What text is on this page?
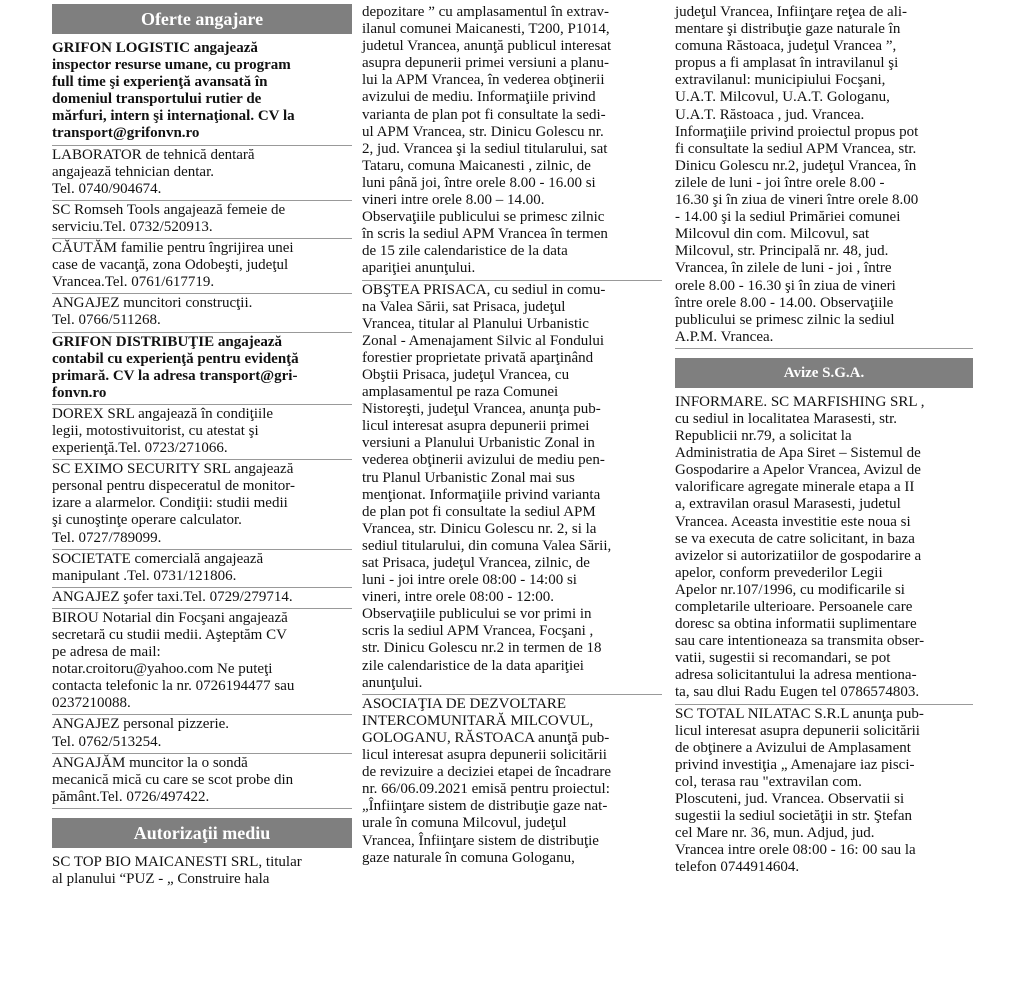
Oferte angajare
GRIFON LOGISTIC angajează
inspector resurse umane, cu program
full time şi experienţă avansată în
domeniul transportului rutier de
mărfuri, intern şi internaţional. CV la
transport@grifonvn.ro
LABORATOR de tehnică dentară
angajează tehnician dentar.
Tel. 0740/904674.
SC Romseh Tools angajează femeie de
serviciu.Tel. 0732/520913.
CĂUTĂM familie pentru îngrijirea unei
case de vacanţă, zona Odobeşti, judeţul
Vrancea.Tel. 0761/617719.
ANGAJEZ muncitori construcţii.
Tel. 0766/511268.
GRIFON DISTRIBUŢIE angajează
contabil cu experienţă pentru evidenţă
primară. CV la adresa transport@gri-
fonvn.ro
DOREX SRL angajează în condiţiile
legii, motostivuitorist, cu atestat şi
experienţă.Tel. 0723/271066.
SC EXIMO SECURITY SRL angajează
personal pentru dispeceratul de monitor-
izare a alarmelor. Condiţii: studii medii
şi cunoştinţe operare calculator.
Tel. 0727/789099.
SOCIETATE comercială angajează
manipulant .Tel. 0731/121806.
ANGAJEZ şofer taxi.Tel. 0729/279714.
BIROU Notarial din Focşani angajează
secretară cu studii medii. Aşteptăm CV
pe adresa de mail:
notar.croitoru@yahoo.com Ne puteţi
contacta telefonic la nr. 0726194477 sau
0237210088.
ANGAJEZ personal pizzerie.
Tel. 0762/513254.
ANGAJĂM muncitor la o sondă
mecanică mică cu care se scot probe din
pământ.Tel. 0726/497422.
Autorizaţii mediu
SC TOP BIO MAICANESTI SRL, titular
al planului “PUZ - „ Construire hala
depozitare ” cu amplasamentul în extrav-
ilanul comunei Maicanesti, T200, P1014,
judetul Vrancea, anunţă publicul interesat
asupra depunerii primei versiuni a planu-
lui la APM Vrancea, în vederea obţinerii
avizului de mediu. Informaţiile privind
varianta de plan pot fi consultate la sedi-
ul APM Vrancea, str. Dinicu Golescu nr.
2, jud. Vrancea şi la sediul titularului, sat
Tataru, comuna Maicanesti , zilnic, de
luni până joi, între orele 8.00 - 16.00 si
vineri intre orele 8.00 – 14.00.
Observaţiile publicului se primesc zilnic
în scris la sediul APM Vrancea în termen
de 15 zile calendaristice de la data
apariţiei anunţului.
OBŞTEA PRISACA, cu sediul in comu-
na Valea Sării, sat Prisaca, judeţul
Vrancea, titular al Planului Urbanistic
Zonal - Amenajament Silvic al Fondului
forestier proprietate privată aparţinând
Obştii Prisaca, judeţul Vrancea, cu
amplasamentul pe raza Comunei
Nistoreşti, judeţul Vrancea, anunţa pub-
licul interesat asupra depunerii primei
versiuni a Planului Urbanistic Zonal in
vederea obţinerii avizului de mediu pen-
tru Planul Urbanistic Zonal mai sus
menţionat. Informaţiile privind varianta
de plan pot fi consultate la sediul APM
Vrancea, str. Dinicu Golescu nr. 2, si la
sediul titularului, din comuna Valea Sării,
sat Prisaca, judeţul Vrancea, zilnic, de
luni - joi intre orele 08:00 - 14:00 si
vineri, intre orele 08:00 - 12:00.
Observaţiile publicului se vor primi in
scris la sediul APM Vrancea, Focşani ,
str. Dinicu Golescu nr.2 in termen de 18
zile calendaristice de la data apariţiei
anunţului.
ASOCIAŢIA DE DEZVOLTARE
INTERCOMUNITARĂ MILCOVUL,
GOLOGANU, RĂSTOACA anunţă pub-
licul interesat asupra depunerii solicitării
de revizuire a deciziei etapei de încadrare
nr. 66/06.09.2021 emisă pentru proiectul:
„Înfiinţare sistem de distribuţie gaze nat-
urale în comuna Milcovul, judeţul
Vrancea, Înfiinţare sistem de distribuţie
gaze naturale în comuna Gologanu,
judeţul Vrancea, Infiinţare reţea de ali-
mentare şi distribuţie gaze naturale în
comuna Răstoaca, judeţul Vrancea ”,
propus a fi amplasat în intravilanul şi
extravilanul: municipiului Focşani,
U.A.T. Milcovul, U.A.T. Gologanu,
U.A.T. Răstoaca , jud. Vrancea.
Informaţiile privind proiectul propus pot
fi consultate la sediul APM Vrancea, str.
Dinicu Golescu nr.2, judeţul Vrancea, în
zilele de luni - joi între orele 8.00 -
16.30 şi în ziua de vineri între orele 8.00
- 14.00 şi la sediul Primăriei comunei
Milcovul din com. Milcovul, sat
Milcovul, str. Principală nr. 48, jud.
Vrancea, în zilele de luni - joi , între
orele 8.00 - 16.30 şi în ziua de vineri
între orele 8.00 - 14.00. Observaţiile
publicului se primesc zilnic la sediul
A.P.M. Vrancea.
Avize S.G.A.
INFORMARE. SC MARFISHING SRL ,
cu sediul in localitatea Marasesti, str.
Republicii nr.79, a solicitat la
Administratia de Apa Siret – Sistemul de
Gospodarire a Apelor Vrancea, Avizul de
valorificare agregate minerale etapa a II
a, extravilan orasul Marasesti, judetul
Vrancea. Aceasta investitie este noua si
se va executa de catre solicitant, in baza
avizelor si autorizatiilor de gospodarire a
apelor, conform prevederilor Legii
Apelor nr.107/1996, cu modificarile si
completarile ulterioare. Persoanele care
doresc sa obtina informatii suplimentare
sau care intentioneaza sa transmita obser-
vatii, sugestii si recomandari, se pot
adresa solicitantului la adresa mentiona-
ta, sau dlui Radu Eugen tel 0786574803.
SC TOTAL NILATAC S.R.L anunţa pub-
licul interesat asupra depunerii solicitării
de obţinere a Avizului de Amplasament
privind investiţia „ Amenajare iaz pisci-
col, terasa rau "extravilan com.
Ploscuteni, jud. Vrancea. Observatii si
sugestii la sediul societăţii in str. Ştefan
cel Mare nr. 36, mun. Adjud, jud.
Vrancea intre orele 08:00 - 16: 00 sau la
telefon 0744914604.
